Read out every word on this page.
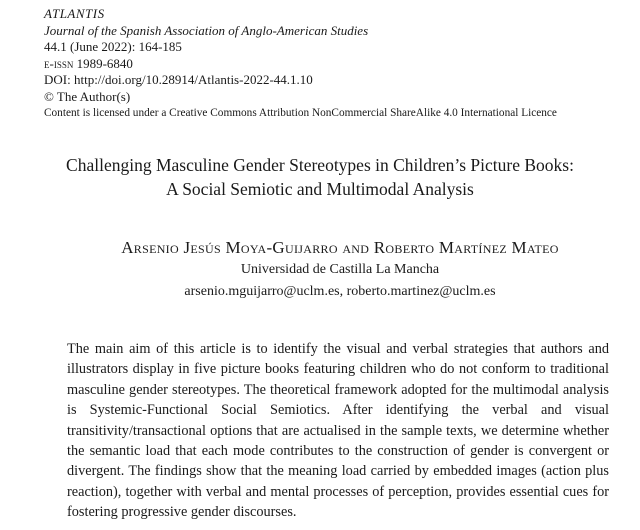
ATLANTIS
Journal of the Spanish Association of Anglo-American Studies
44.1 (June 2022): 164-185
e-issn 1989-6840
DOI: http://doi.org/10.28914/Atlantis-2022-44.1.10
© The Author(s)
Content is licensed under a Creative Commons Attribution NonCommercial ShareAlike 4.0 International Licence
Challenging Masculine Gender Stereotypes in Children’s Picture Books:
A Social Semiotic and Multimodal Analysis
Arsenio Jesús Moya-Guijarro and Roberto Martínez Mateo
Universidad de Castilla La Mancha
arsenio.mguijarro@uclm.es, roberto.martinez@uclm.es
The main aim of this article is to identify the visual and verbal strategies that authors and illustrators display in five picture books featuring children who do not conform to traditional masculine gender stereotypes. The theoretical framework adopted for the multimodal analysis is Systemic-Functional Social Semiotics. After identifying the verbal and visual transitivity/transactional options that are actualised in the sample texts, we determine whether the semantic load that each mode contributes to the construction of gender is convergent or divergent. The findings show that the meaning load carried by embedded images (action plus reaction), together with verbal and mental processes of perception, provides essential cues for fostering progressive gender discourses.
